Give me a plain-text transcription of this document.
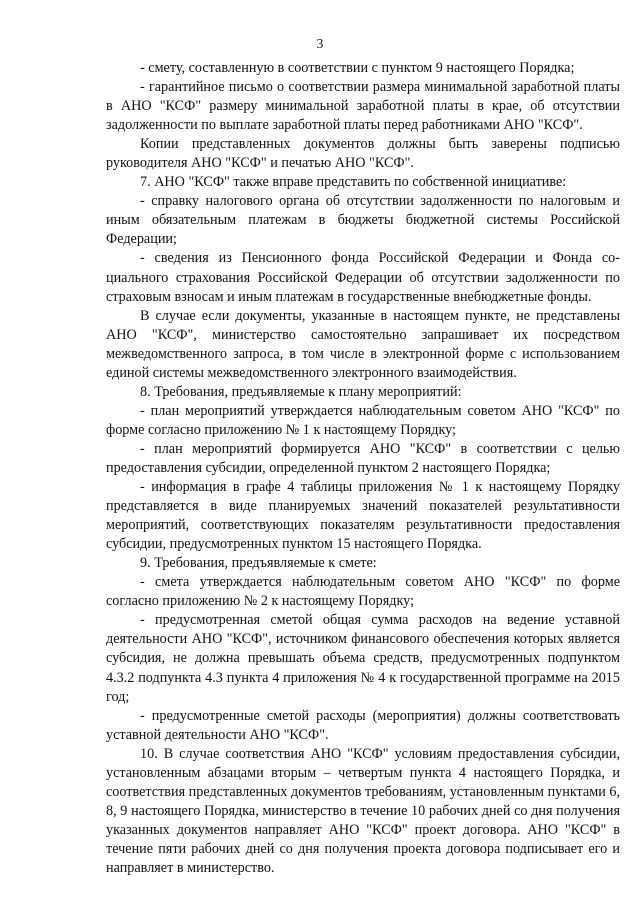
3

- смету, составленную в соответствии с пунктом 9 настоящего Порядка;

- гарантийное письмо о соответствии размера минимальной заработной платы в АНО "КСФ" размеру минимальной заработной платы в крае, об отсутствии задолженности по выплате заработной платы перед работниками АНО "КСФ".

Копии представленных документов должны быть заверены подписью руководителя АНО "КСФ" и печатью АНО "КСФ".

7. АНО "КСФ" также вправе представить по собственной инициативе:

- справку налогового органа об отсутствии задолженности по налоговым и иным обязательным платежам в бюджеты бюджетной системы Российской Федерации;

- сведения из Пенсионного фонда Российской Федерации и Фонда социального страхования Российской Федерации об отсутствии задолженности по страховым взносам и иным платежам в государственные внебюджетные фонды.

В случае если документы, указанные в настоящем пункте, не представлены АНО "КСФ", министерство самостоятельно запрашивает их посредством межведомственного запроса, в том числе в электронной форме с использованием единой системы межведомственного электронного взаимодействия.

8. Требования, предъявляемые к плану мероприятий:

- план мероприятий утверждается наблюдательным советом АНО "КСФ" по форме согласно приложению № 1 к настоящему Порядку;

- план мероприятий формируется АНО "КСФ" в соответствии с целью предоставления субсидии, определенной пунктом 2 настоящего Порядка;

- информация в графе 4 таблицы приложения № 1 к настоящему Порядку представляется в виде планируемых значений показателей результативности мероприятий, соответствующих показателям результативности предоставления субсидии, предусмотренных пунктом 15 настоящего Порядка.

9. Требования, предъявляемые к смете:

- смета утверждается наблюдательным советом АНО "КСФ" по форме согласно приложению № 2 к настоящему Порядку;

- предусмотренная сметой общая сумма расходов на ведение уставной деятельности АНО "КСФ", источником финансового обеспечения которых является субсидия, не должна превышать объема средств, предусмотренных подпунктом 4.3.2 подпункта 4.3 пункта 4 приложения № 4 к государственной программе на 2015 год;

- предусмотренные сметой расходы (мероприятия) должны соответствовать уставной деятельности АНО "КСФ".

10. В случае соответствия АНО "КСФ" условиям предоставления субсидии, установленным абзацами вторым – четвертым пункта 4 настоящего Порядка, и соответствия представленных документов требованиям, установленным пунктами 6, 8, 9 настоящего Порядка, министерство в течение 10 рабочих дней со дня получения указанных документов направляет АНО "КСФ" проект договора. АНО "КСФ" в течение пяти рабочих дней со дня получения проекта договора подписывает его и направляет в министерство.
